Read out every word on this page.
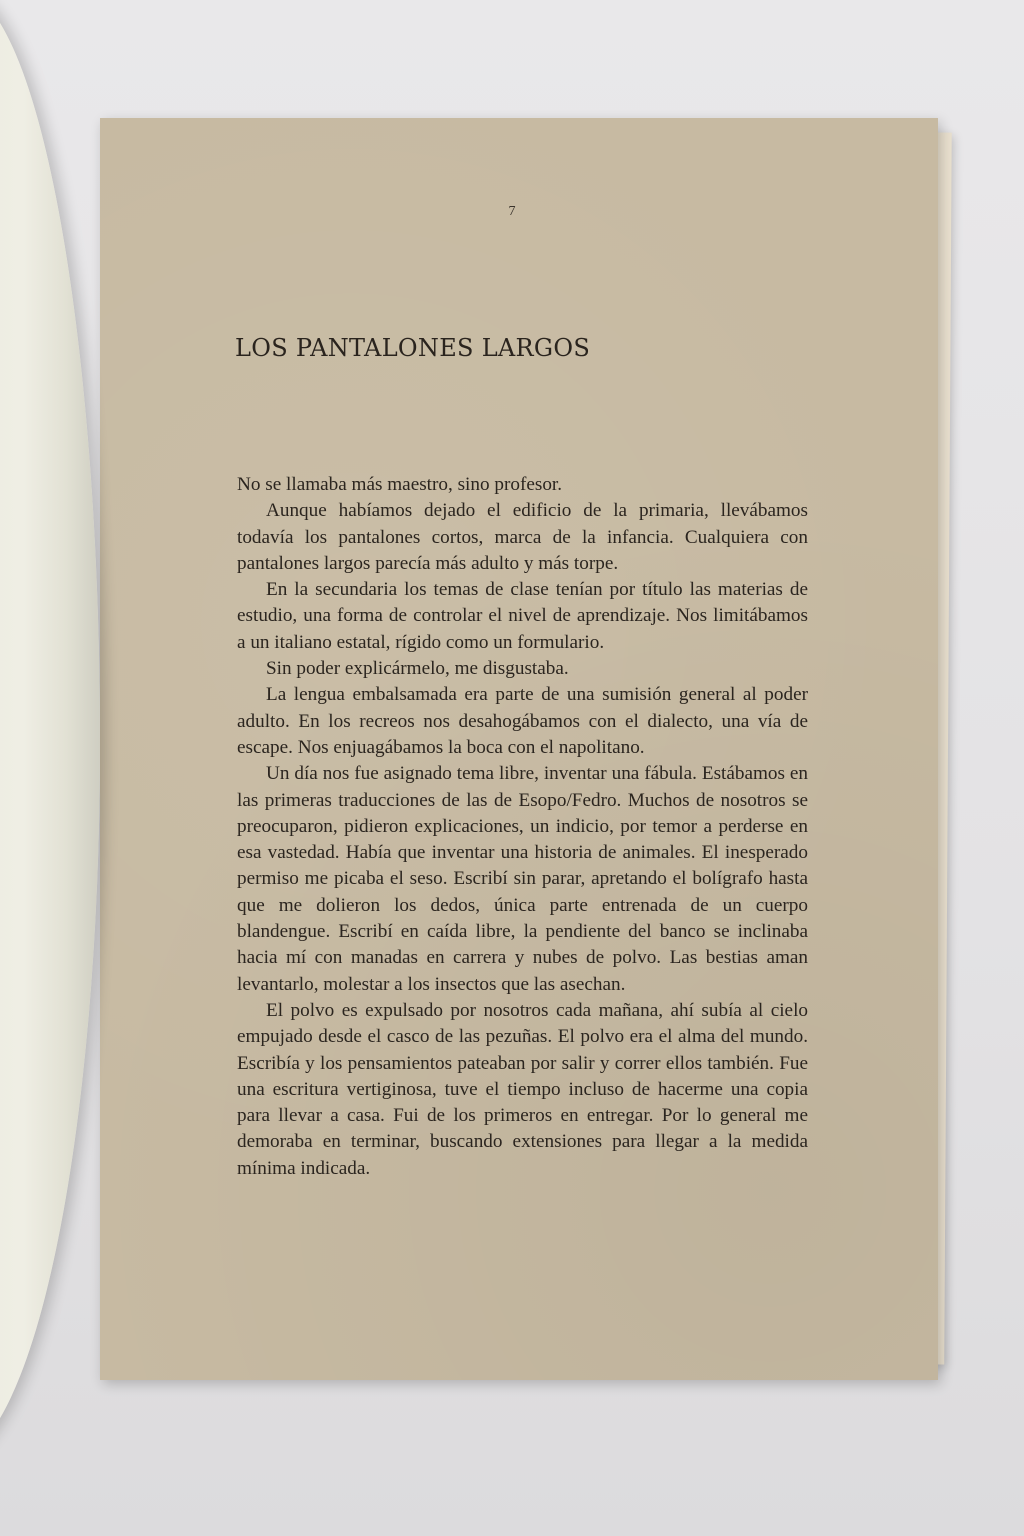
7

LOS PANTALONES LARGOS

No se llamaba más maestro, sino profesor.

Aunque habíamos dejado el edificio de la primaria, llevábamos todavía los pantalones cortos, marca de la infancia. Cualquiera con pantalones largos parecía más adulto y más torpe.

En la secundaria los temas de clase tenían por título las materias de estudio, una forma de controlar el nivel de aprendizaje. Nos limitábamos a un italiano estatal, rígido como un formulario.

Sin poder explicármelo, me disgustaba.

La lengua embalsamada era parte de una sumisión general al poder adulto. En los recreos nos desahogábamos con el dialecto, una vía de escape. Nos enjuagábamos la boca con el napolitano.

Un día nos fue asignado tema libre, inventar una fábula. Estábamos en las primeras traducciones de las de Esopo/Fedro. Muchos de nosotros se preocuparon, pidieron explicaciones, un indicio, por temor a perderse en esa vastedad. Había que inventar una historia de animales. El inesperado permiso me picaba el seso. Escribí sin parar, apretando el bolígrafo hasta que me dolieron los dedos, única parte entrenada de un cuerpo blandengue. Escribí en caída libre, la pendiente del banco se inclinaba hacia mí con manadas en carrera y nubes de polvo. Las bestias aman levantarlo, molestar a los insectos que las asechan.

El polvo es expulsado por nosotros cada mañana, ahí subía al cielo empujado desde el casco de las pezuñas. El polvo era el alma del mundo. Escribía y los pensamientos pateaban por salir y correr ellos también. Fue una escritura vertiginosa, tuve el tiempo incluso de hacerme una copia para llevar a casa. Fui de los primeros en entregar. Por lo general me demoraba en terminar, buscando extensiones para llegar a la medida mínima indicada.
